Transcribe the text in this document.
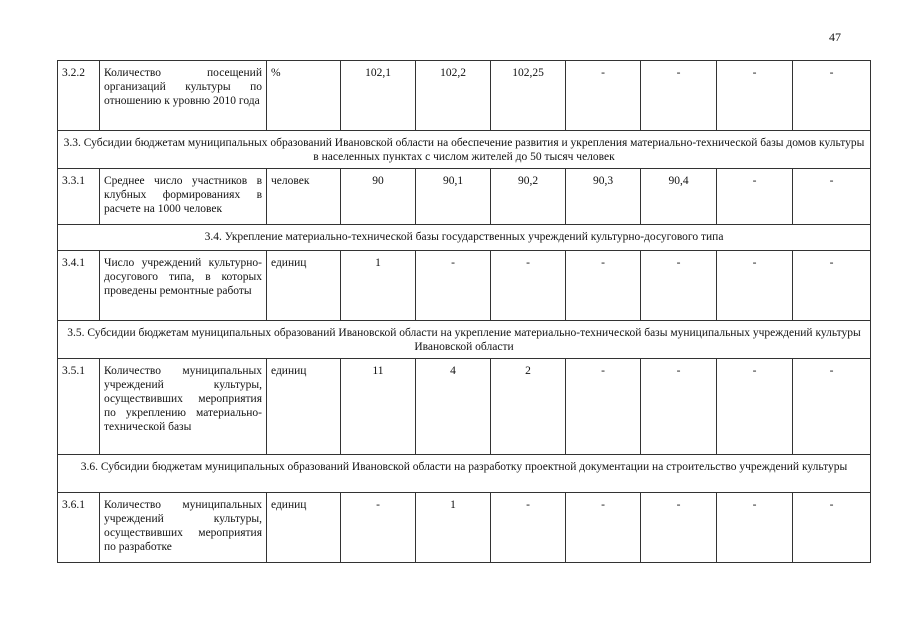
47
3.2.2	Количество посещений организаций культуры по отношению к уровню 2010 года	%	102,1	102,2	102,25	-	-	-	-
3.3. Субсидии бюджетам муниципальных образований Ивановской области на обеспечение развития и укрепления материально-технической базы домов культуры в населенных пунктах с числом жителей до 50 тысяч человек									
3.3.1	Среднее число участников в клубных формированиях в расчете на 1000 человек	человек	90	90,1	90,2	90,3	90,4	-	-
3.4. Укрепление материально-технической базы государственных учреждений культурно-досугового типа									
3.4.1	Число учреждений культурно-досугового типа, в которых проведены ремонтные работы	единиц	1	-	-	-	-	-	-
3.5. Субсидии бюджетам муниципальных образований Ивановской области на укрепление материально-технической базы муниципальных учреждений культуры Ивановской области									
3.5.1	Количество муниципальных учреждений культуры, осуществивших мероприятия по укреплению материально-технической базы	единиц	11	4	2	-	-	-	-
3.6. Субсидии бюджетам муниципальных образований Ивановской области на разработку проектной документации на строительство учреждений культуры									
3.6.1	Количество муниципальных учреждений культуры, осуществивших мероприятия по разработке	единиц	-	1	-	-	-	-	-
